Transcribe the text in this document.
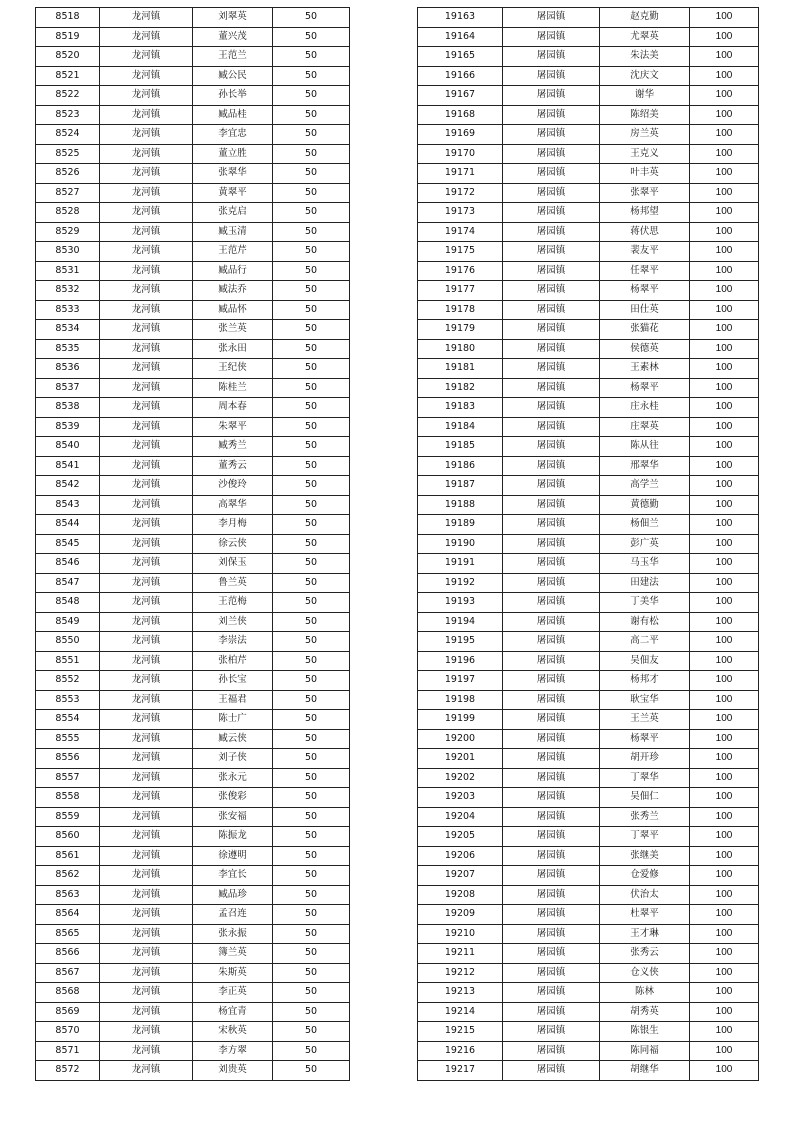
8518	龙河镇	刘翠英	50
8519	龙河镇	董兴茂	50
8520	龙河镇	王范兰	50
8521	龙河镇	臧公民	50
8522	龙河镇	孙长举	50
8523	龙河镇	臧品桂	50
8524	龙河镇	李宜忠	50
8525	龙河镇	董立胜	50
8526	龙河镇	张翠华	50
8527	龙河镇	黄翠平	50
8528	龙河镇	张克启	50
8529	龙河镇	臧玉清	50
8530	龙河镇	王范芹	50
8531	龙河镇	臧品行	50
8532	龙河镇	臧法乔	50
8533	龙河镇	臧品怀	50
8534	龙河镇	张兰英	50
8535	龙河镇	张永田	50
8536	龙河镇	王纪侠	50
8537	龙河镇	陈桂兰	50
8538	龙河镇	周本春	50
8539	龙河镇	朱翠平	50
8540	龙河镇	臧秀兰	50
8541	龙河镇	董秀云	50
8542	龙河镇	沙俊玲	50
8543	龙河镇	高翠华	50
8544	龙河镇	李月梅	50
8545	龙河镇	徐云侠	50
8546	龙河镇	刘保玉	50
8547	龙河镇	鲁兰英	50
8548	龙河镇	王范梅	50
8549	龙河镇	刘兰侠	50
8550	龙河镇	李崇法	50
8551	龙河镇	张柏芹	50
8552	龙河镇	孙长宝	50
8553	龙河镇	王福君	50
8554	龙河镇	陈士广	50
8555	龙河镇	臧云侠	50
8556	龙河镇	刘子侠	50
8557	龙河镇	张永元	50
8558	龙河镇	张俊彩	50
8559	龙河镇	张安福	50
8560	龙河镇	陈振龙	50
8561	龙河镇	徐遵明	50
8562	龙河镇	李宜长	50
8563	龙河镇	臧品珍	50
8564	龙河镇	孟召连	50
8565	龙河镇	张永振	50
8566	龙河镇	簿兰英	50
8567	龙河镇	朱斯英	50
8568	龙河镇	李正英	50
8569	龙河镇	杨宜青	50
8570	龙河镇	宋秋英	50
8571	龙河镇	李方翠	50
8572	龙河镇	刘贵英	50
19163	屠园镇	赵克勤	100
19164	屠园镇	尤翠英	100
19165	屠园镇	朱法美	100
19166	屠园镇	沈庆文	100
19167	屠园镇	谢华	100
19168	屠园镇	陈绍美	100
19169	屠园镇	房兰英	100
19170	屠园镇	王克义	100
19171	屠园镇	叶丰英	100
19172	屠园镇	张翠平	100
19173	屠园镇	杨邦望	100
19174	屠园镇	蒋伏思	100
19175	屠园镇	裴友平	100
19176	屠园镇	任翠平	100
19177	屠园镇	杨翠平	100
19178	屠园镇	田仕英	100
19179	屠园镇	张猫花	100
19180	屠园镇	侯德英	100
19181	屠园镇	王素林	100
19182	屠园镇	杨翠平	100
19183	屠园镇	庄永桂	100
19184	屠园镇	庄翠英	100
19185	屠园镇	陈从往	100
19186	屠园镇	邢翠华	100
19187	屠园镇	高学兰	100
19188	屠园镇	黄德勤	100
19189	屠园镇	杨佃兰	100
19190	屠园镇	彭广英	100
19191	屠园镇	马玉华	100
19192	屠园镇	田建法	100
19193	屠园镇	丁美华	100
19194	屠园镇	谢有松	100
19195	屠园镇	高二平	100
19196	屠园镇	吴佃友	100
19197	屠园镇	杨邦才	100
19198	屠园镇	耿宝华	100
19199	屠园镇	王兰英	100
19200	屠园镇	杨翠平	100
19201	屠园镇	胡开珍	100
19202	屠园镇	丁翠华	100
19203	屠园镇	吴佃仁	100
19204	屠园镇	张秀兰	100
19205	屠园镇	丁翠平	100
19206	屠园镇	张继美	100
19207	屠园镇	仓爱修	100
19208	屠园镇	伏治太	100
19209	屠园镇	杜翠平	100
19210	屠园镇	王才琳	100
19211	屠园镇	张秀云	100
19212	屠园镇	仓义侠	100
19213	屠园镇	陈林	100
19214	屠园镇	胡秀英	100
19215	屠园镇	陈银生	100
19216	屠园镇	陈同福	100
19217	屠园镇	胡继华	100
